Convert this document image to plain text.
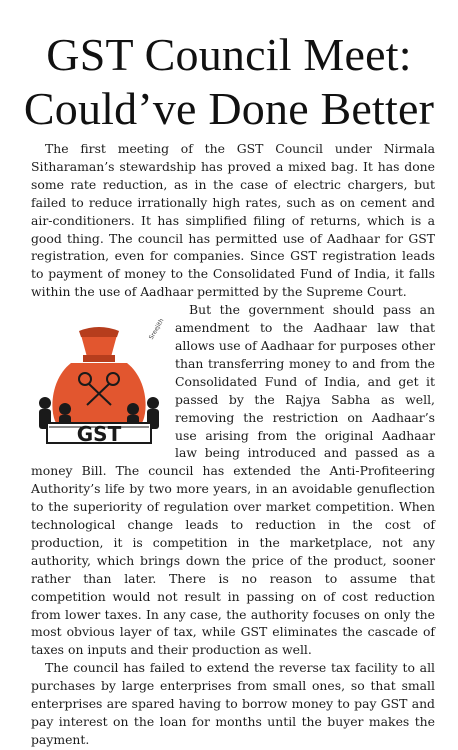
GST Council Meet:
Could’ve Done Better

The first meeting of the GST Council under Nirmala Sitharaman’s stewardship has proved a mixed bag. It has done some rate reduction, as in the case of electric chargers, but failed to reduce irrationally high rates, such as on cement and air-conditioners. It has simplified filing of returns, which is a good thing. The council has permitted use of Aadhaar for GST registration, even for companies. Since GST registration leads to payment of money to the Consolidated Fund of India, it falls within the use of Aadhaar permitted by the Supreme Court.

GST
Sreejith
But the government should pass an amendment to the Aadhaar law that allows use of Aadhaar for purposes other than transferring money to and from the Consolidated Fund of India, and get it passed by the Rajya Sabha as well, removing the restriction on Aadhaar’s use arising from the original Aadhaar law being introduced and passed as a money Bill. The council has extended the Anti-Profiteering Authority’s life by two more years, in an avoidable genuflection to the superiority of regulation over market competition. When technological change leads to reduction in the cost of production, it is competition in the marketplace, not any authority, which brings down the price of the product, sooner rather than later. There is no reason to assume that competition would not result in passing on of cost reduction from lower taxes. In any case, the authority focuses on only the most obvious layer of tax, while GST eliminates the cascade of taxes on inputs and their production as well.

The council has failed to extend the reverse tax facility to all purchases by large enterprises from small ones, so that small enterprises are spared having to borrow money to pay GST and pay interest on the loan for months until the buyer makes the payment.
